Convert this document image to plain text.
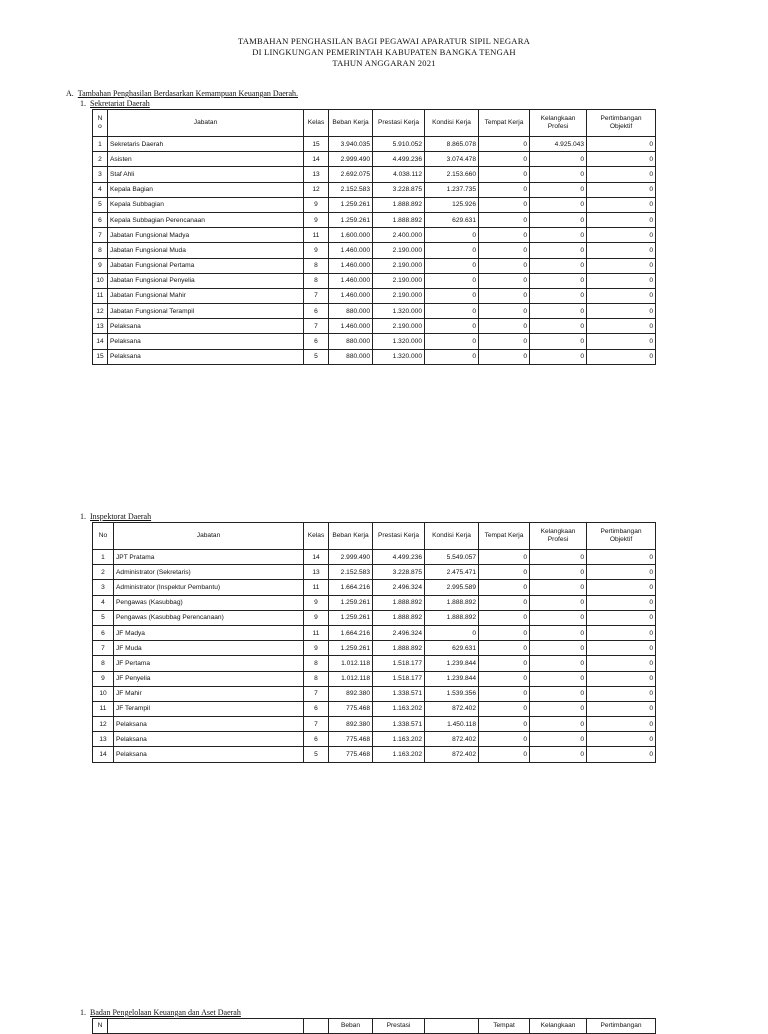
TAMBAHAN PENGHASILAN BAGI PEGAWAI APARATUR SIPIL NEGARA
DI LINGKUNGAN PEMERINTAH KABUPATEN BANGKA TENGAH
TAHUN ANGGARAN 2021
A. Tambahan Penghasilan Berdasarkan Kemampuan Keuangan Daerah.
1. Sekretariat Daerah
N o	Jabatan	Kelas	Beban Kerja	Prestasi Kerja	Kondisi Kerja	Tempat Kerja	Kelangkaan Profesi	Pertimbangan Objektif
1	Sekretaris Daerah	15	3.940.035	5.910.052	8.865.078	0	4.925.043	0
2	Asisten	14	2.999.490	4.499.236	3.074.478	0	0	0
3	Staf Ahli	13	2.692.075	4.038.112	2.153.660	0	0	0
4	Kepala Bagian	12	2.152.583	3.228.875	1.237.735	0	0	0
5	Kepala Subbagian	9	1.259.261	1.888.892	125.926	0	0	0
6	Kepala Subbagian Perencanaan	9	1.259.261	1.888.892	629.631	0	0	0
7	Jabatan Fungsional Madya	11	1.600.000	2.400.000	0	0	0	0
8	Jabatan Fungsional Muda	9	1.460.000	2.190.000	0	0	0	0
9	Jabatan Fungsional Pertama	8	1.460.000	2.190.000	0	0	0	0
10	Jabatan Fungsional Penyelia	8	1.460.000	2.190.000	0	0	0	0
11	Jabatan Fungsional Mahir	7	1.460.000	2.190.000	0	0	0	0
12	Jabatan Fungsional Terampil	6	880.000	1.320.000	0	0	0	0
13	Pelaksana	7	1.460.000	2.190.000	0	0	0	0
14	Pelaksana	6	880.000	1.320.000	0	0	0	0
15	Pelaksana	5	880.000	1.320.000	0	0	0	0
1. Inspektorat Daerah
No	Jabatan	Kelas	Beban Kerja	Prestasi Kerja	Kondisi Kerja	Tempat Kerja	Kelangkaan Profesi	Pertimbangan Objektif
1	JPT Pratama	14	2.999.490	4.499.236	5.549.057	0	0	0
2	Administrator (Sekretaris)	13	2.152.583	3.228.875	2.475.471	0	0	0
3	Administrator (Inspektur Pembantu)	11	1.664.216	2.496.324	2.995.589	0	0	0
4	Pengawas (Kasubbag)	9	1.259.261	1.888.892	1.888.892	0	0	0
5	Pengawas (Kasubbag Perencanaan)	9	1.259.261	1.888.892	1.888.892	0	0	0
6	JF Madya	11	1.664.216	2.496.324	0	0	0	0
7	JF Muda	9	1.259.261	1.888.892	629.631	0	0	0
8	JF Pertama	8	1.012.118	1.518.177	1.239.844	0	0	0
9	JF Penyelia	8	1.012.118	1.518.177	1.239.844	0	0	0
10	JF Mahir	7	892.380	1.338.571	1.539.356	0	0	0
11	JF Terampil	6	775.468	1.163.202	872.402	0	0	0
12	Pelaksana	7	892.380	1.338.571	1.450.118	0	0	0
13	Pelaksana	6	775.468	1.163.202	872.402	0	0	0
14	Pelaksana	5	775.468	1.163.202	872.402	0	0	0
1. Badan Pengelolaan Keuangan dan Aset Daerah
N			Beban	Prestasi		Tempat	Kelangkaan	Pertimbangan
